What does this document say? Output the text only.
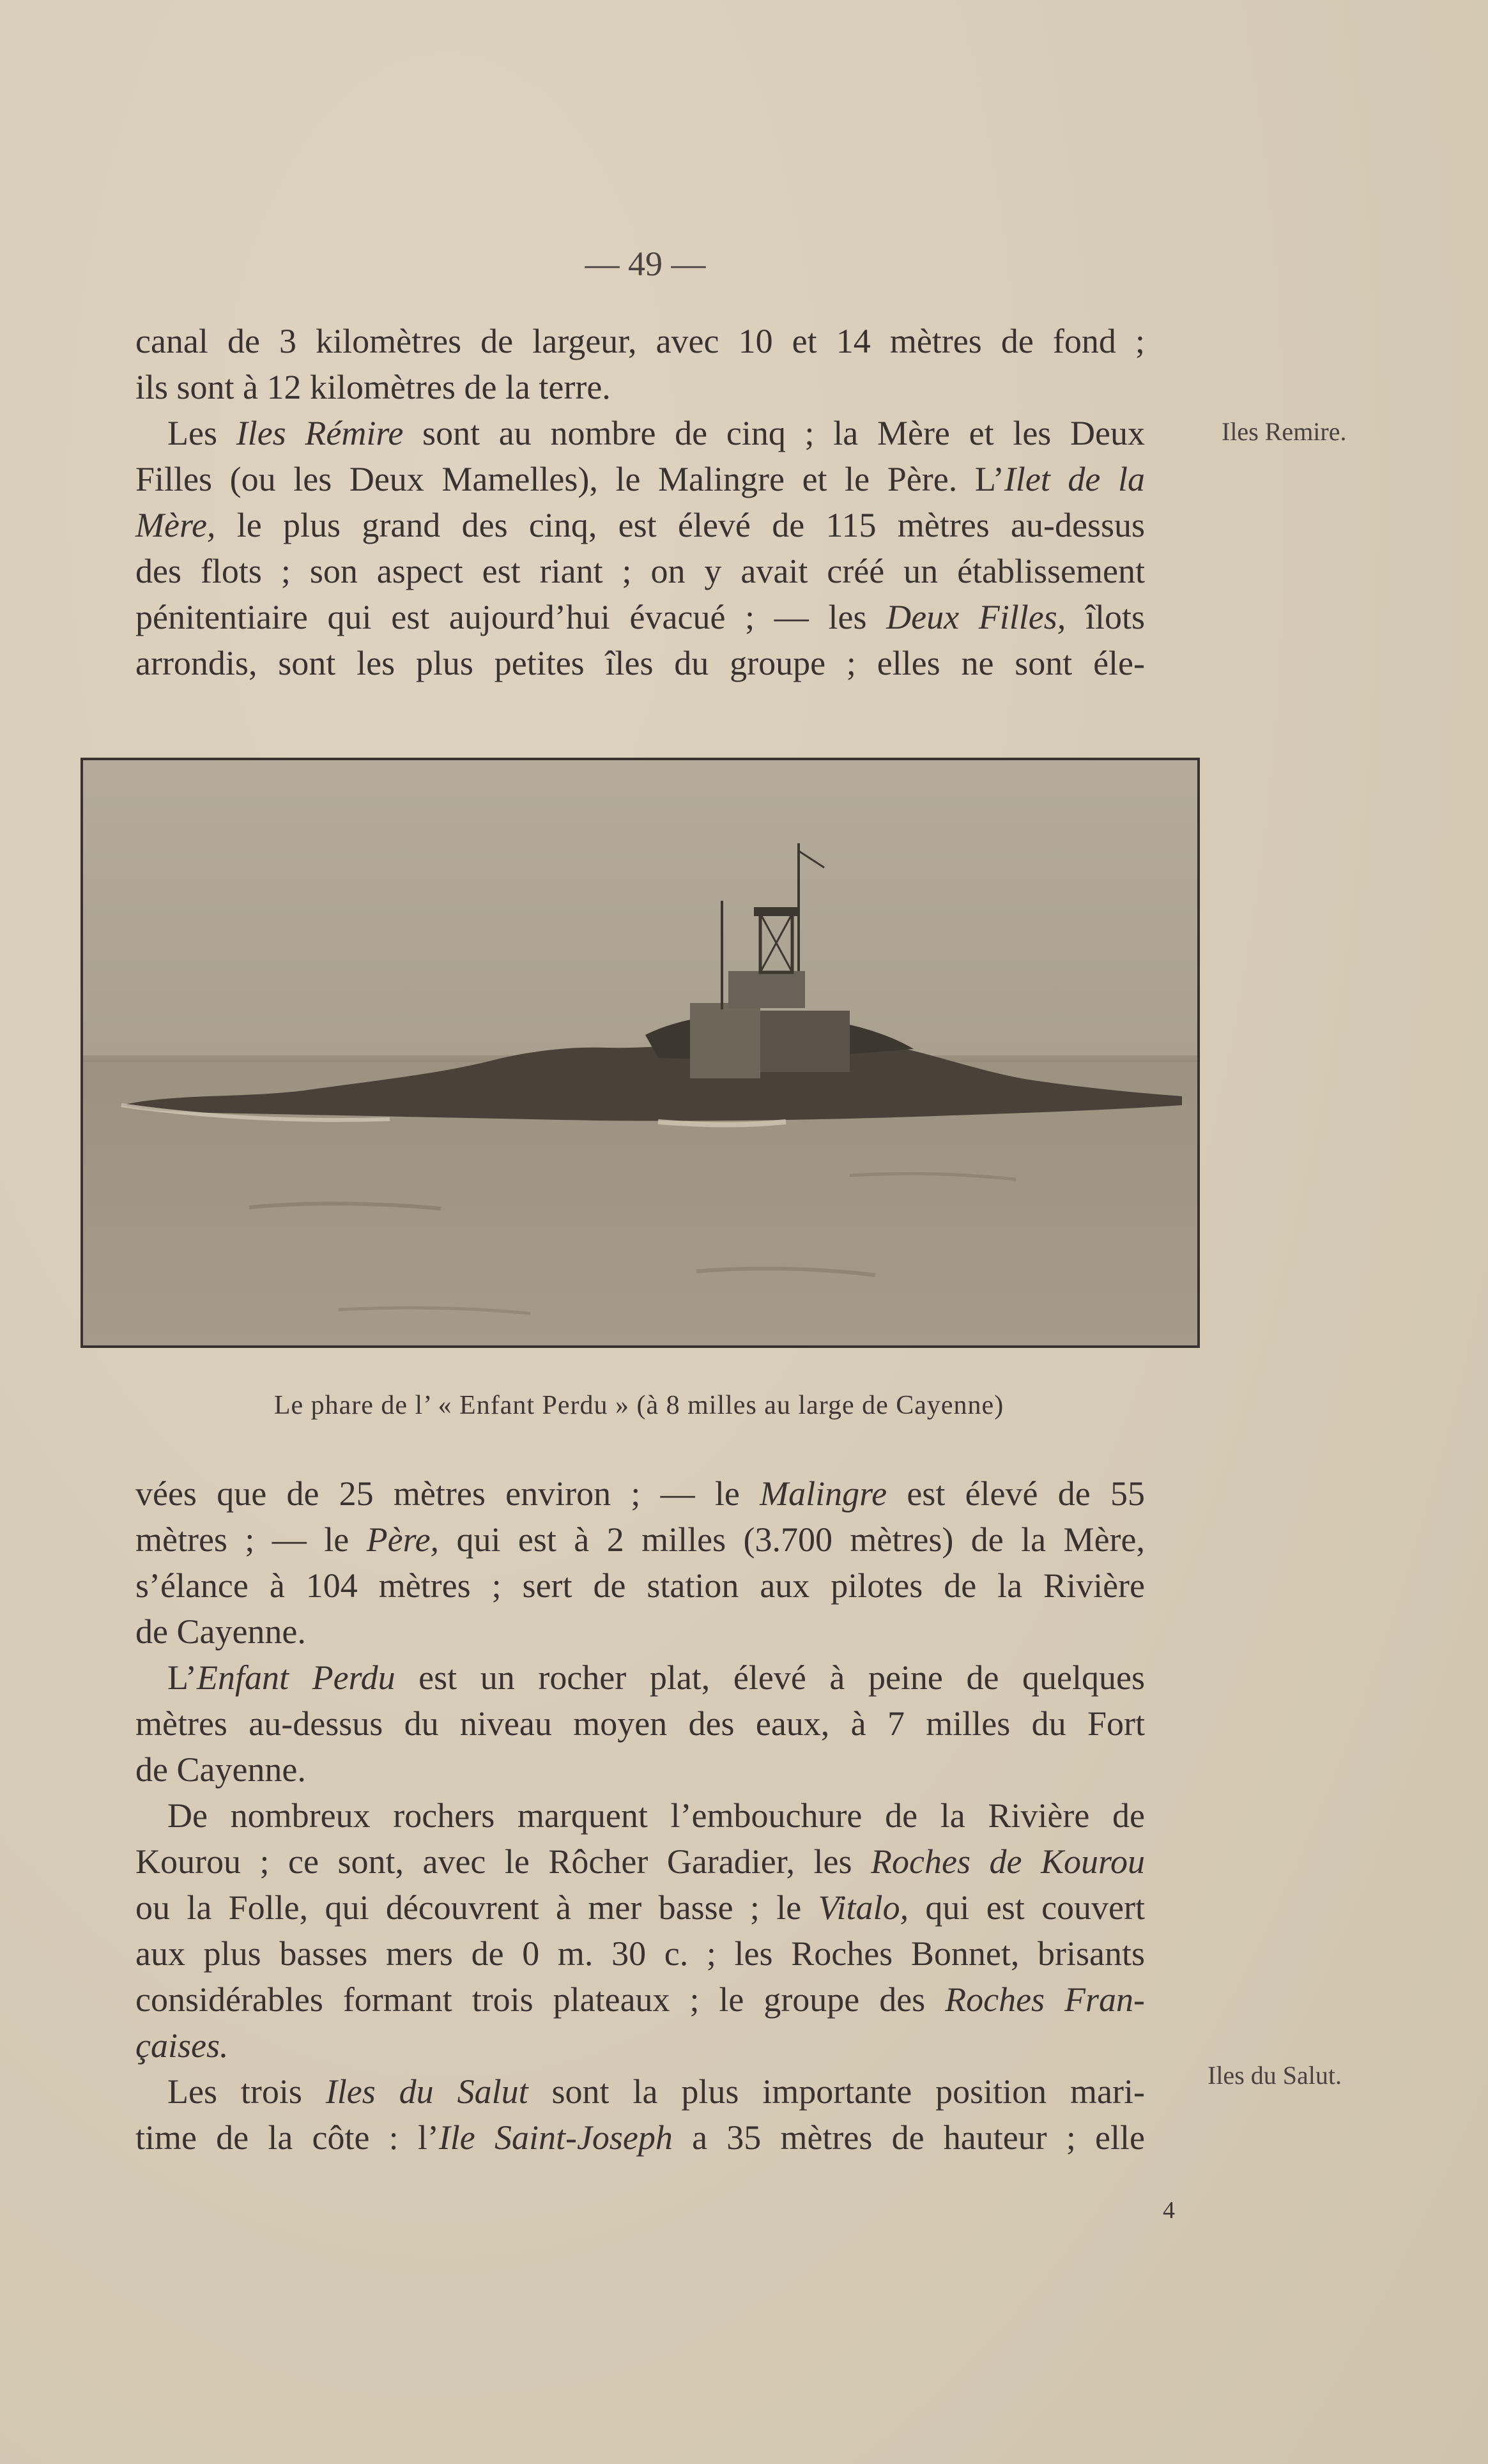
— 49 —
canal de 3 kilomètres de largeur, avec 10 et 14 mètres de fond ;
ils sont à 12 kilomètres de la terre.
Les Iles Rémire sont au nombre de cinq ; la Mère et les Deux
Filles (ou les Deux Mamelles), le Malingre et le Père. L’Ilet de la
Mère, le plus grand des cinq, est élevé de 115 mètres au-dessus
des flots ; son aspect est riant ; on y avait créé un établissement
pénitentiaire qui est aujourd’hui évacué ; — les Deux Filles, îlots
arrondis, sont les plus petites îles du groupe ; elles ne sont éle-
Iles Remire.
Le phare de l’ « Enfant Perdu » (à 8 milles au large de Cayenne)
vées que de 25 mètres environ ; — le Malingre est élevé de 55
mètres ; — le Père, qui est à 2 milles (3.700 mètres) de la Mère,
s’élance à 104 mètres ; sert de station aux pilotes de la Rivière
de Cayenne.
L’Enfant Perdu est un rocher plat, élevé à peine de quelques
mètres au-dessus du niveau moyen des eaux, à 7 milles du Fort
de Cayenne.
De nombreux rochers marquent l’embouchure de la Rivière de
Kourou ; ce sont, avec le Rôcher Garadier, les Roches de Kourou
ou la Folle, qui découvrent à mer basse ; le Vitalo, qui est couvert
aux plus basses mers de 0 m. 30 c. ; les Roches Bonnet, brisants
considérables formant trois plateaux ; le groupe des Roches Fran-
çaises.
Les trois Iles du Salut sont la plus importante position mari-
time de la côte : l’Ile Saint-Joseph a 35 mètres de hauteur ; elle
Iles du Salut.
4
